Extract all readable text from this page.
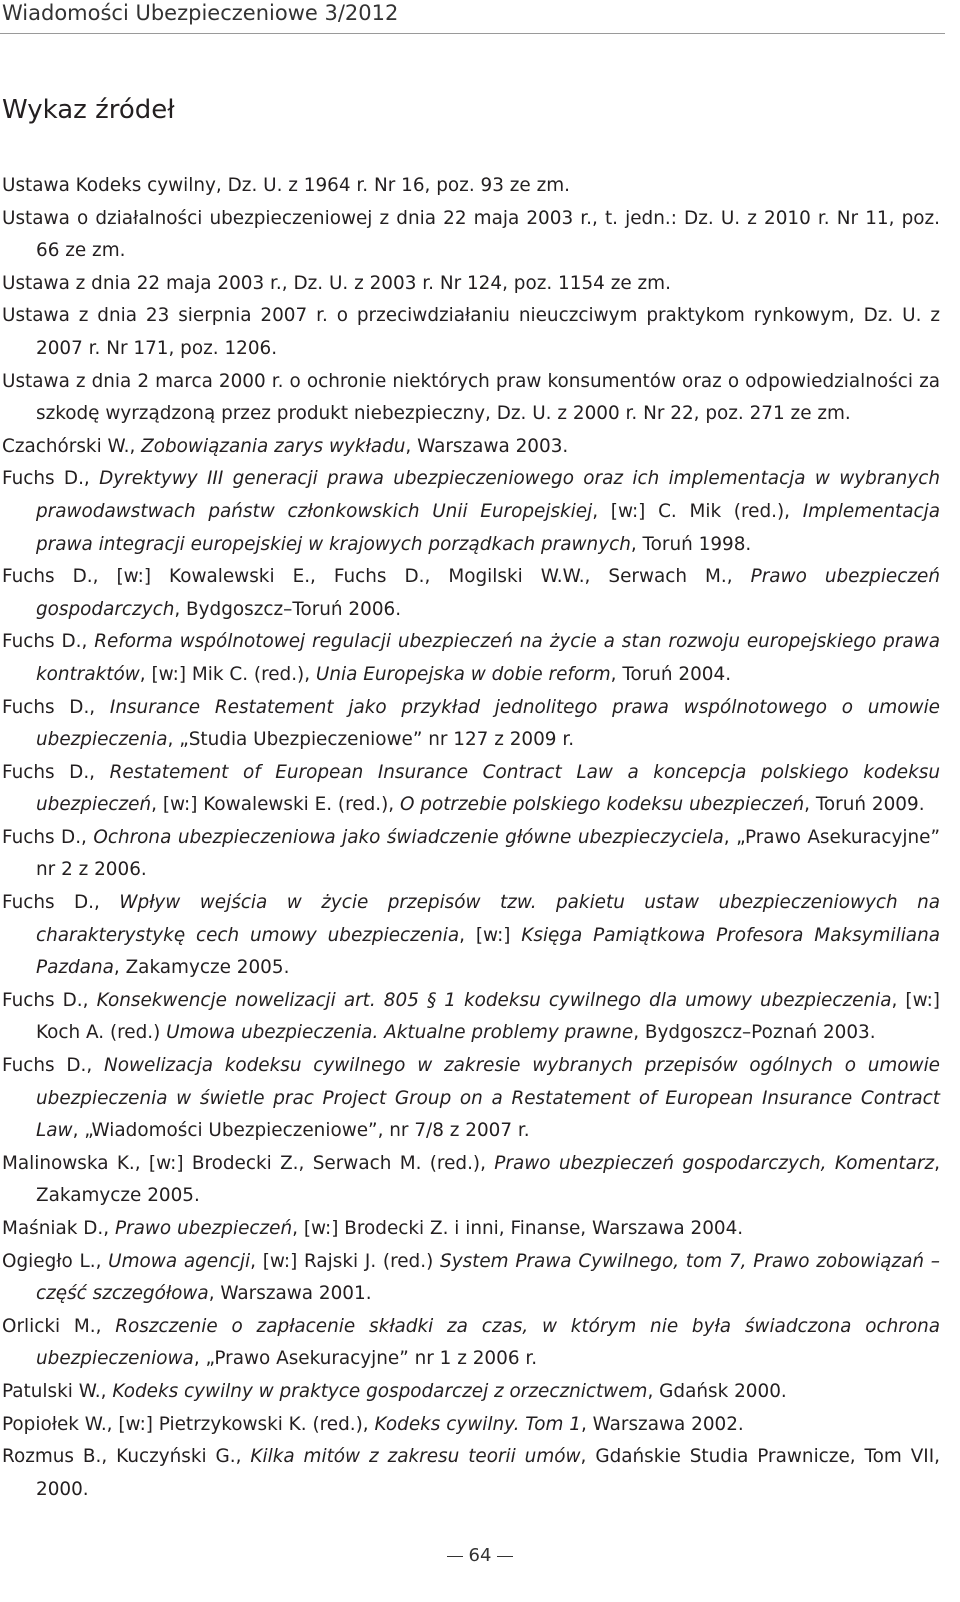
Wiadomości Ubezpieczeniowe 3/2012
Wykaz źródeł
Ustawa Kodeks cywilny, Dz. U. z 1964 r. Nr 16, poz. 93 ze zm.
Ustawa o działalności ubezpieczeniowej z dnia 22 maja 2003 r., t. jedn.: Dz. U. z 2010 r. Nr 11, poz. 66 ze zm.
Ustawa z dnia 22 maja 2003 r., Dz. U. z 2003 r. Nr 124, poz. 1154 ze zm.
Ustawa z dnia 23 sierpnia 2007 r. o przeciwdziałaniu nieuczciwym praktykom rynkowym, Dz. U. z 2007 r. Nr 171, poz. 1206.
Ustawa z dnia 2 marca 2000 r. o ochronie niektórych praw konsumentów oraz o odpowiedzialności za szkodę wyrządzoną przez produkt niebezpieczny, Dz. U. z 2000 r. Nr 22, poz. 271 ze zm.
Czachórski W., Zobowiązania zarys wykładu, Warszawa 2003.
Fuchs D., Dyrektywy III generacji prawa ubezpieczeniowego oraz ich implementacja w wybranych prawodawstwach państw członkowskich Unii Europejskiej, [w:] C. Mik (red.), Implementacja prawa integracji europejskiej w krajowych porządkach prawnych, Toruń 1998.
Fuchs D., [w:] Kowalewski E., Fuchs D., Mogilski W.W., Serwach M., Prawo ubezpieczeń gospodarczych, Bydgoszcz–Toruń 2006.
Fuchs D., Reforma wspólnotowej regulacji ubezpieczeń na życie a stan rozwoju europejskiego prawa kontraktów, [w:] Mik C. (red.), Unia Europejska w dobie reform, Toruń 2004.
Fuchs D., Insurance Restatement jako przykład jednolitego prawa wspólnotowego o umowie ubezpieczenia, „Studia Ubezpieczeniowe” nr 127 z 2009 r.
Fuchs D., Restatement of European Insurance Contract Law a koncepcja polskiego kodeksu ubezpieczeń, [w:] Kowalewski E. (red.), O potrzebie polskiego kodeksu ubezpieczeń, Toruń 2009.
Fuchs D., Ochrona ubezpieczeniowa jako świadczenie główne ubezpieczyciela, „Prawo Asekuracyjne” nr 2 z 2006.
Fuchs D., Wpływ wejścia w życie przepisów tzw. pakietu ustaw ubezpieczeniowych na charakterystykę cech umowy ubezpieczenia, [w:] Księga Pamiątkowa Profesora Maksymiliana Pazdana, Zakamycze 2005.
Fuchs D., Konsekwencje nowelizacji art. 805 § 1 kodeksu cywilnego dla umowy ubezpieczenia, [w:] Koch A. (red.) Umowa ubezpieczenia. Aktualne problemy prawne, Bydgoszcz–Poznań 2003.
Fuchs D., Nowelizacja kodeksu cywilnego w zakresie wybranych przepisów ogólnych o umowie ubezpieczenia w świetle prac Project Group on a Restatement of European Insurance Contract Law, „Wiadomości Ubezpieczeniowe”, nr 7/8 z 2007 r.
Malinowska K., [w:] Brodecki Z., Serwach M. (red.), Prawo ubezpieczeń gospodarczych, Komentarz, Zakamycze 2005.
Maśniak D., Prawo ubezpieczeń, [w:] Brodecki Z. i inni, Finanse, Warszawa 2004.
Ogiegło L., Umowa agencji, [w:] Rajski J. (red.) System Prawa Cywilnego, tom 7, Prawo zobowiązań – część szczegółowa, Warszawa 2001.
Orlicki M., Roszczenie o zapłacenie składki za czas, w którym nie była świadczona ochrona ubezpieczeniowa, „Prawo Asekuracyjne” nr 1 z 2006 r.
Patulski W., Kodeks cywilny w praktyce gospodarczej z orzecznictwem, Gdańsk 2000.
Popiołek W., [w:] Pietrzykowski K. (red.), Kodeks cywilny. Tom 1, Warszawa 2002.
Rozmus B., Kuczyński G., Kilka mitów z zakresu teorii umów, Gdańskie Studia Prawnicze, Tom VII, 2000.
64
